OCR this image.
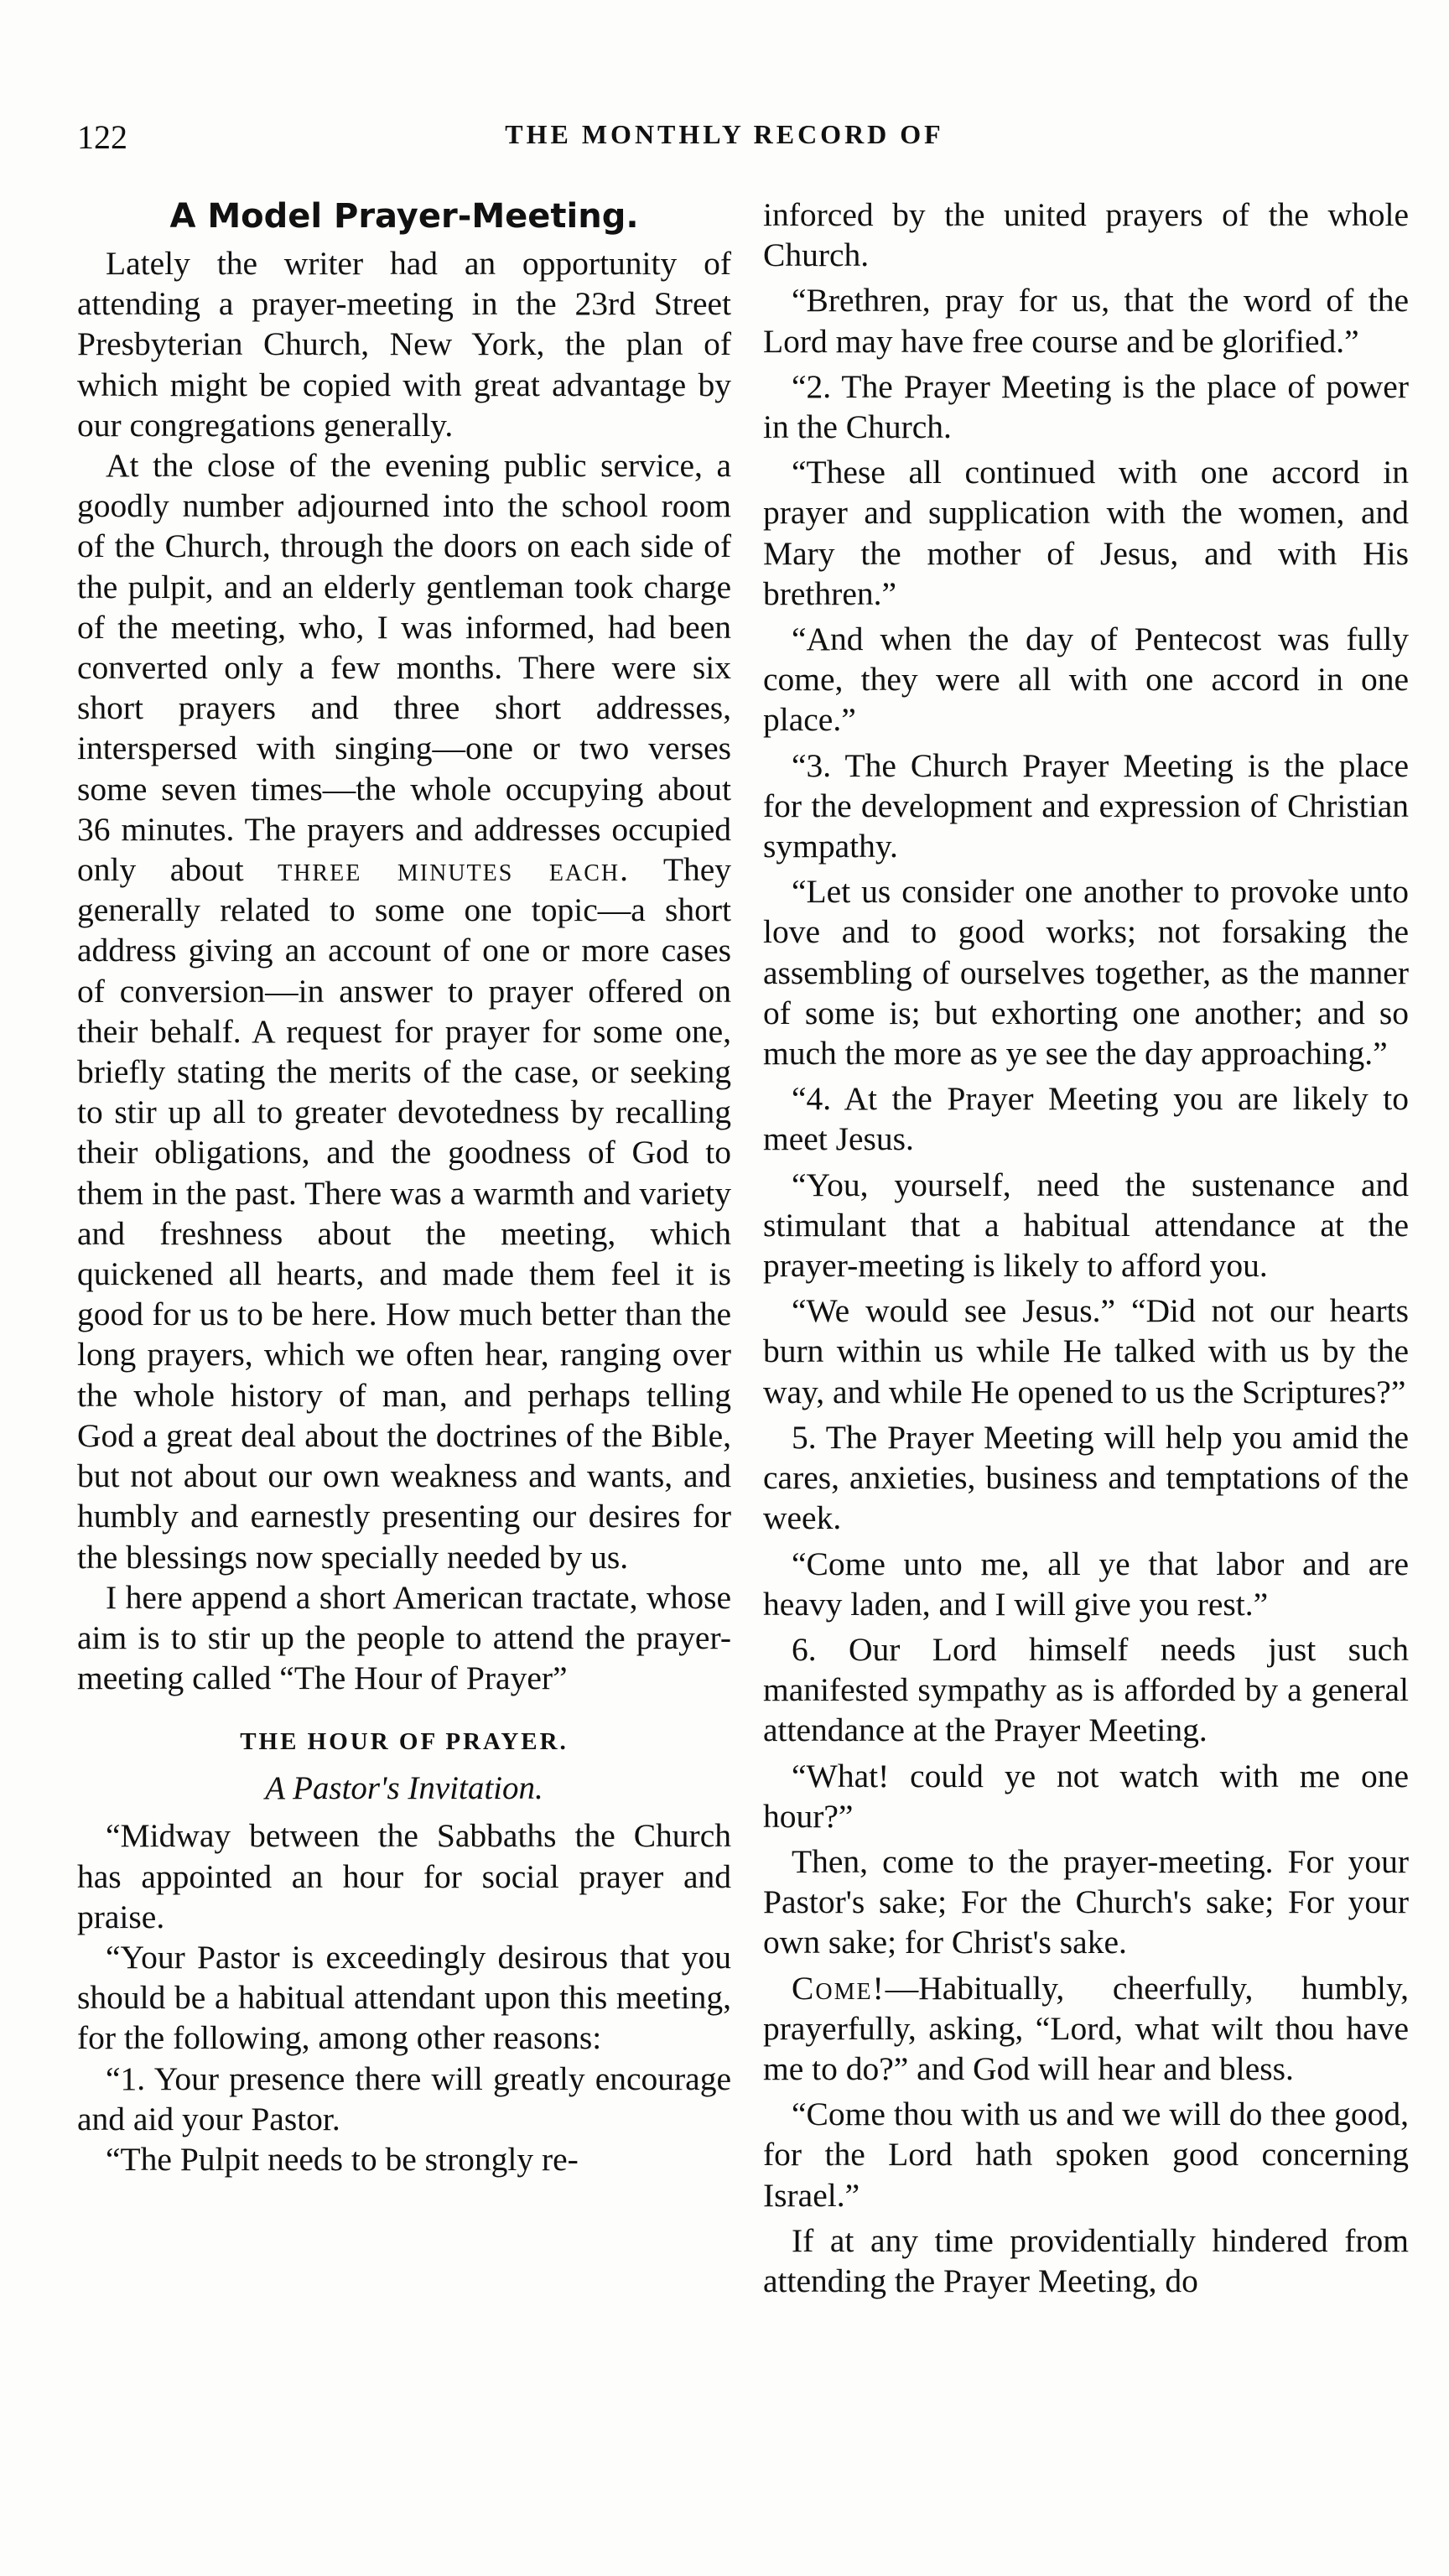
122	THE MONTHLY RECORD OF
A Model Prayer-Meeting.

Lately the writer had an opportunity of attending a prayer-meeting in the 23rd Street Presbyterian Church, New York, the plan of which might be copied with great advantage by our congregations generally.

At the close of the evening public service, a goodly number adjourned into the school room of the Church, through the doors on each side of the pulpit, and an elderly gentleman took charge of the meeting, who, I was informed, had been converted only a few months. There were six short prayers and three short addresses, interspersed with singing—one or two verses some seven times—the whole occupying about 36 minutes. The prayers and addresses occupied only about three minutes each. They generally related to some one topic—a short address giving an account of one or more cases of conversion—in answer to prayer offered on their behalf. A request for prayer for some one, briefly stating the merits of the case, or seeking to stir up all to greater devotedness by recalling their obligations, and the goodness of God to them in the past. There was a warmth and variety and freshness about the meeting, which quickened all hearts, and made them feel it is good for us to be here. How much better than the long prayers, which we often hear, ranging over the whole history of man, and perhaps telling God a great deal about the doctrines of the Bible, but not about our own weakness and wants, and humbly and earnestly presenting our desires for the blessings now specially needed by us.

I here append a short American tractate, whose aim is to stir up the people to attend the prayer-meeting called “The Hour of Prayer”

THE HOUR OF PRAYER.
A Pastor's Invitation.

“Midway between the Sabbaths the Church has appointed an hour for social prayer and praise.

“Your Pastor is exceedingly desirous that you should be a habitual attendant upon this meeting, for the following, among other reasons:

“1. Your presence there will greatly encourage and aid your Pastor.

“The Pulpit needs to be strongly re-

inforced by the united prayers of the whole Church.

“Brethren, pray for us, that the word of the Lord may have free course and be glorified.”

“2. The Prayer Meeting is the place of power in the Church.

“These all continued with one accord in prayer and supplication with the women, and Mary the mother of Jesus, and with His brethren.”

“And when the day of Pentecost was fully come, they were all with one accord in one place.”

“3. The Church Prayer Meeting is the place for the development and expression of Christian sympathy.

“Let us consider one another to provoke unto love and to good works; not forsaking the assembling of ourselves together, as the manner of some is; but exhorting one another; and so much the more as ye see the day approaching.”

“4. At the Prayer Meeting you are likely to meet Jesus.

“You, yourself, need the sustenance and stimulant that a habitual attendance at the prayer-meeting is likely to afford you.

“We would see Jesus.” “Did not our hearts burn within us while He talked with us by the way, and while He opened to us the Scriptures?”

5. The Prayer Meeting will help you amid the cares, anxieties, business and temptations of the week.

“Come unto me, all ye that labor and are heavy laden, and I will give you rest.”

6. Our Lord himself needs just such manifested sympathy as is afforded by a general attendance at the Prayer Meeting.

“What! could ye not watch with me one hour?”

Then, come to the prayer-meeting. For your Pastor's sake; For the Church's sake; For your own sake; for Christ's sake.

Come!—Habitually, cheerfully, humbly, prayerfully, asking, “Lord, what wilt thou have me to do?” and God will hear and bless.

“Come thou with us and we will do thee good, for the Lord hath spoken good concerning Israel.”

If at any time providentially hindered from attending the Prayer Meeting, do
